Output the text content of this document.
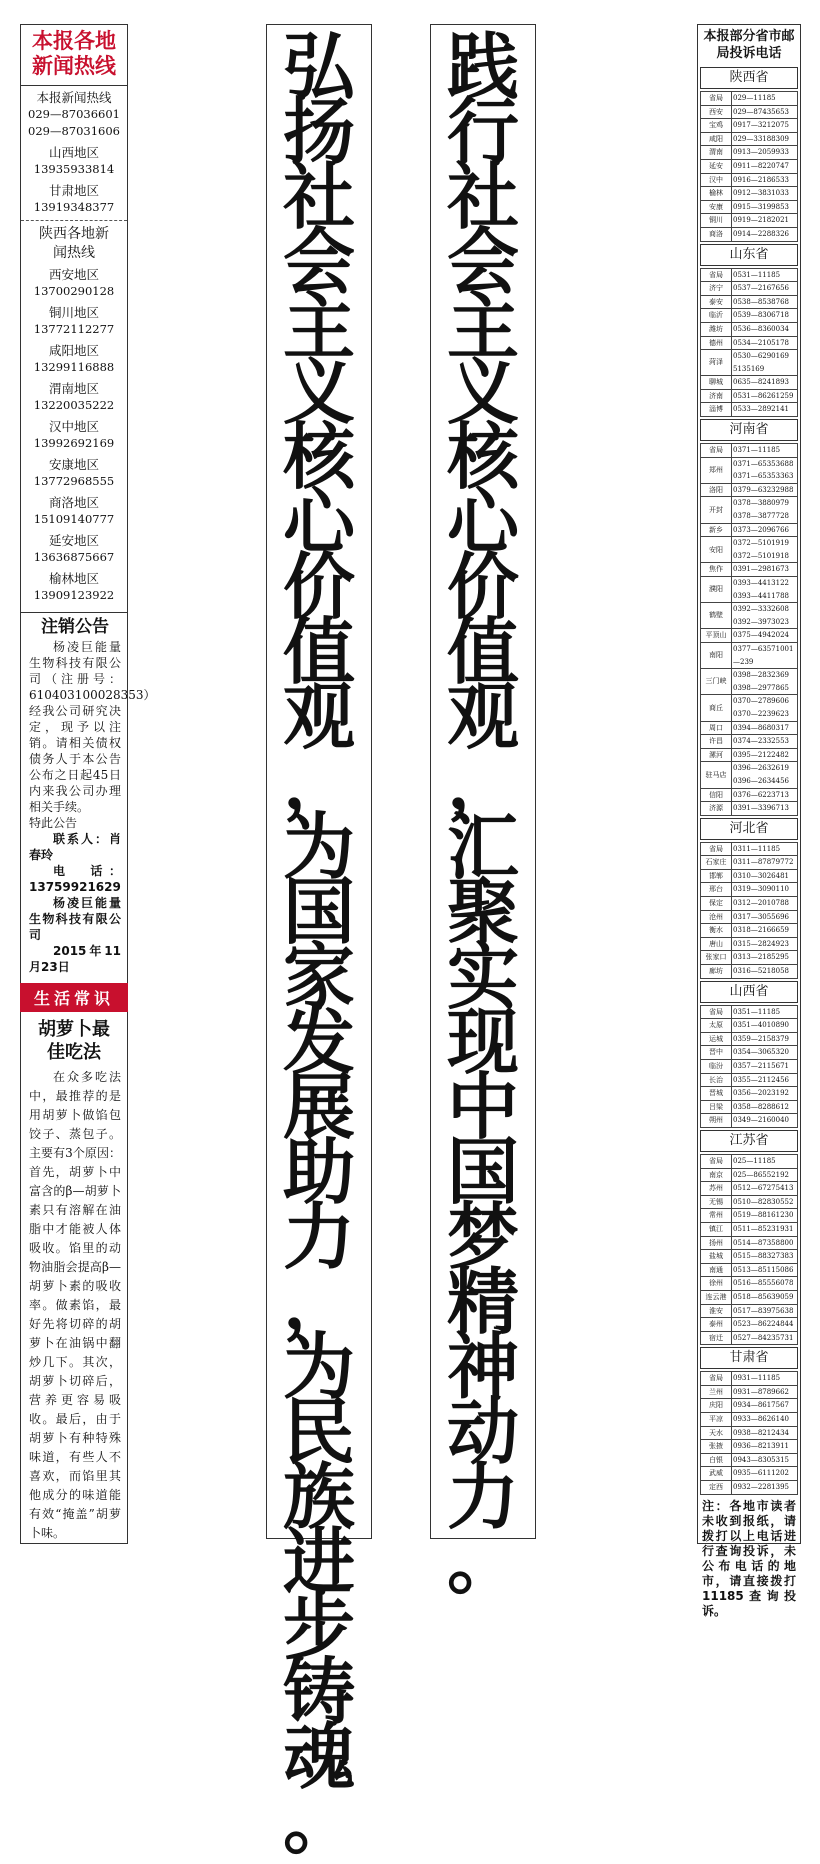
本报各地新闻热线
本报新闻热线
029—87036601
029—87031606
山西地区
13935933814
甘肃地区
13919348377
陕西各地新闻热线
西安地区
13700290128
铜川地区
13772112277
咸阳地区
13299116888
渭南地区
13220035222
汉中地区
13992692169
安康地区
13772968555
商洛地区
15109140777
延安地区
13636875667
榆林地区
13909123922
注销公告

杨凌巨能量生物科技有限公司（注册号：610403100028353）经我公司研究决定，现予以注销。请相关债权债务人于本公告公布之日起45日内来我公司办理相关手续。

特此公告

联系人：肖春玲

电　话：13759921629

杨凌巨能量生物科技有限公司

2015年11月23日

生活常识
胡萝卜最佳吃法

在众多吃法中，最推荐的是用胡萝卜做馅包饺子、蒸包子。主要有3个原因：首先，胡萝卜中富含的β—胡萝卜素只有溶解在油脂中才能被人体吸收。馅里的动物油脂会提高β—胡萝卜素的吸收率。做素馅，最好先将切碎的胡萝卜在油锅中翻炒几下。其次，胡萝卜切碎后，营养更容易吸收。最后，由于胡萝卜有种特殊味道，有些人不喜欢，而馅里其他成分的味道能有效“掩盖”胡萝卜味。

弘
扬
社
会
主
义
核
心
价
值
观
，
为
国
家
发
展
助
力
，
为
民
族
进
步
铸
魂
。
践
行
社
会
主
义
核
心
价
值
观
，
汇
聚
实
现
中
国
梦
精
神
动
力
。
本报部分省市邮局投诉电话
陕西省
省局	029—11185
西安	029—87435653
宝鸡	0917—3212075
咸阳	029—33188309
渭南	0913—2059933
延安	0911—8220747
汉中	0916—2186533
榆林	0912—3831033
安康	0915—3199853
铜川	0919—2182021
商洛	0914—2288326
山东省
省局	0531—11185
济宁	0537—2167656
泰安	0538—8538768
临沂	0539—8306718
潍坊	0536—8360034
德州	0534—2105178
菏泽	0530—6290169 5135169
聊城	0635—8241893
济南	0531—86261259
淄博	0533—2892141
河南省
省局	0371—11185
郑州	0371—65353688 0371—65353363
洛阳	0379—63232988
开封	0378—3880979 0378—3877728
新乡	0373—2096766
安阳	0372—5101919 0372—5101918
焦作	0391—2981673
濮阳	0393—4413122 0393—4411788
鹤壁	0392—3332608 0392—3973023
平顶山	0375—4942024
南阳	0377—63571001—239
三门峡	0398—2832369 0398—2977865
商丘	0370—2789606 0370—2239623
周口	0394—8680317
许昌	0374—2332553
漯河	0395—2122482
驻马店	0396—2632619 0396—2634456
信阳	0376—6223713
济源	0391—3396713
河北省
省局	0311—11185
石家庄	0311—87879772
邯郸	0310—3026481
邢台	0319—3090110
保定	0312—2010788
沧州	0317—3055696
衡水	0318—2166659
唐山	0315—2824923
张家口	0313—2185295
廊坊	0316—5218058
山西省
省局	0351—11185
太原	0351—4010890
运城	0359—2158379
晋中	0354—3065320
临汾	0357—2115671
长治	0355—2112456
晋城	0356—2023192
吕梁	0358—8288612
朔州	0349—2160040
江苏省
省局	025—11185
南京	025—86552192
苏州	0512—67275413
无锡	0510—82830552
常州	0519—88161230
镇江	0511—85231931
扬州	0514—87358800
盐城	0515—88327383
南通	0513—85115086
徐州	0516—85556078
连云港	0518—85639059
淮安	0517—83975638
泰州	0523—86224844
宿迁	0527—84235731
甘肃省
省局	0931—11185
兰州	0931—8789662
庆阳	0934—8617567
平凉	0933—8626140
天水	0938—8212434
张掖	0936—8213911
白银	0943—8305315
武威	0935—6111202
定西	0932—2281395
注：各地市读者未收到报纸，请拨打以上电话进行查询投诉，未公布电话的地市，请直接拨打11185查询投诉。
